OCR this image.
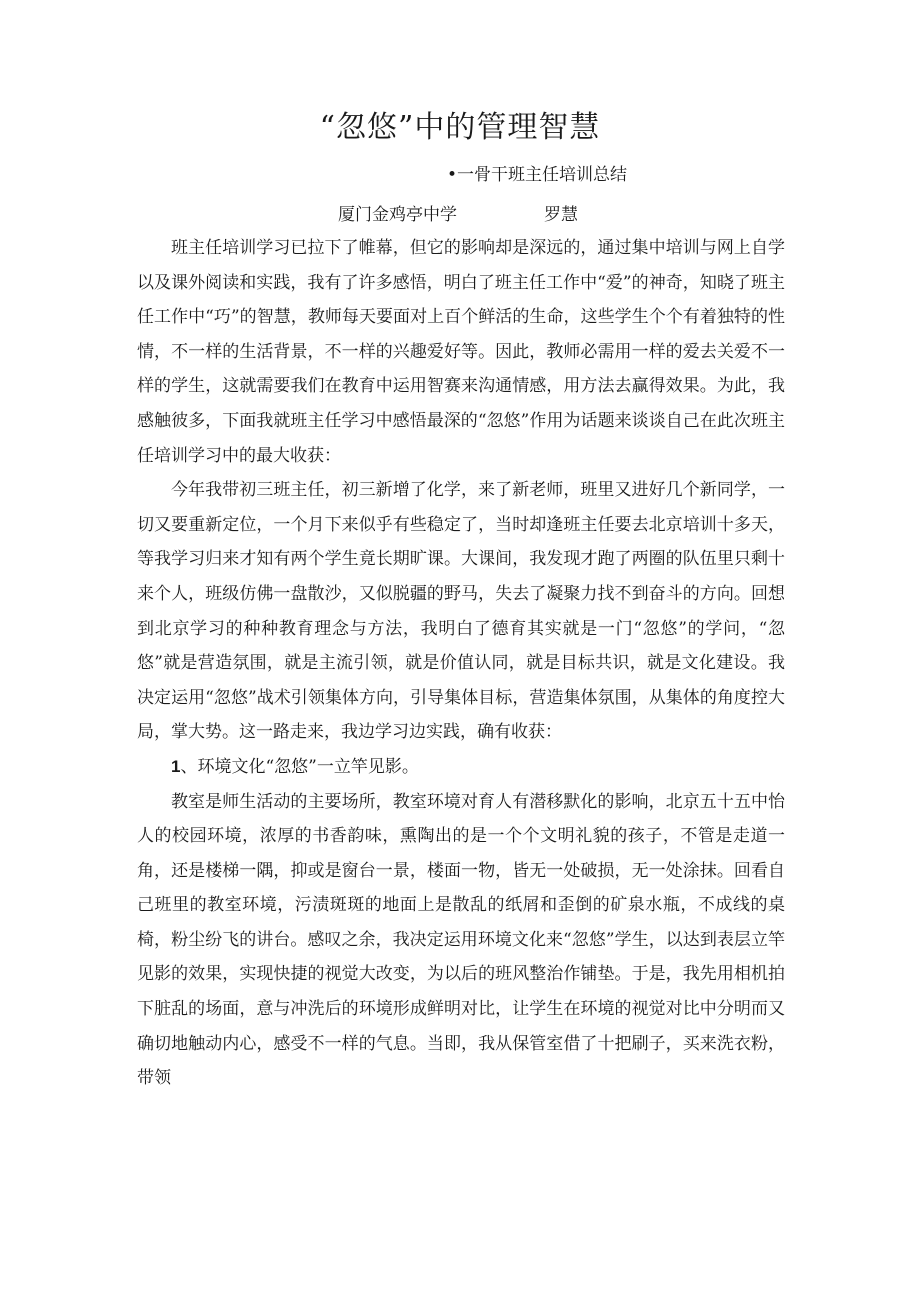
“忽悠”中的管理智慧

•一骨干班主任培训总结

厦门金鸡亭中学	罗慧

班主任培训学习已拉下了帷幕，但它的影响却是深远的，通过集中培训与网上自学以及课外阅读和实践，我有了许多感悟，明白了班主任工作中“爱”的神奇，知晓了班主任工作中“巧”的智慧，教师每天要面对上百个鲜活的生命，这些学生个个有着独特的性情，不一样的生活背景，不一样的兴趣爱好等。因此，教师必需用一样的爱去关爱不一样的学生，这就需要我们在教育中运用智赛来沟通情感，用方法去赢得效果。为此，我感触彼多，下面我就班主任学习中感悟最深的“忽悠”作用为话题来谈谈自己在此次班主任培训学习中的最大收获：

今年我带初三班主任，初三新增了化学，来了新老师，班里又进好几个新同学，一切又要重新定位，一个月下来似乎有些稳定了，当时却逢班主任要去北京培训十多天，等我学习归来才知有两个学生竟长期旷课。大课间，我发现才跑了两圈的队伍里只剩十来个人，班级仿佛一盘散沙，又似脱疆的野马，失去了凝聚力找不到奋斗的方向。回想到北京学习的种种教育理念与方法，我明白了德育其实就是一门“忽悠”的学问，“忽悠”就是营造氛围，就是主流引领，就是价值认同，就是目标共识，就是文化建设。我决定运用“忽悠”战术引领集体方向，引导集体目标，营造集体氛围，从集体的角度控大局，掌大势。这一路走来，我边学习边实践，确有收获：

1、环境文化“忽悠”一立竿见影。

教室是师生活动的主要场所，教室环境对育人有潜移默化的影响，北京五十五中怡人的校园环境，浓厚的书香韵味，熏陶出的是一个个文明礼貌的孩子，不管是走道一角，还是楼梯一隅，抑或是窗台一景，楼面一物，皆无一处破损，无一处涂抹。回看自己班里的教室环境，污渍斑斑的地面上是散乱的纸屑和歪倒的矿泉水瓶，不成线的桌椅，粉尘纷飞的讲台。感叹之余，我决定运用环境文化来“忽悠”学生，以达到表层立竿见影的效果，实现快捷的视觉大改变，为以后的班风整治作铺垫。于是，我先用相机拍下脏乱的场面，意与冲洗后的环境形成鲜明对比，让学生在环境的视觉对比中分明而又确切地触动内心，感受不一样的气息。当即，我从保管室借了十把刷子，买来洗衣粉，带领
